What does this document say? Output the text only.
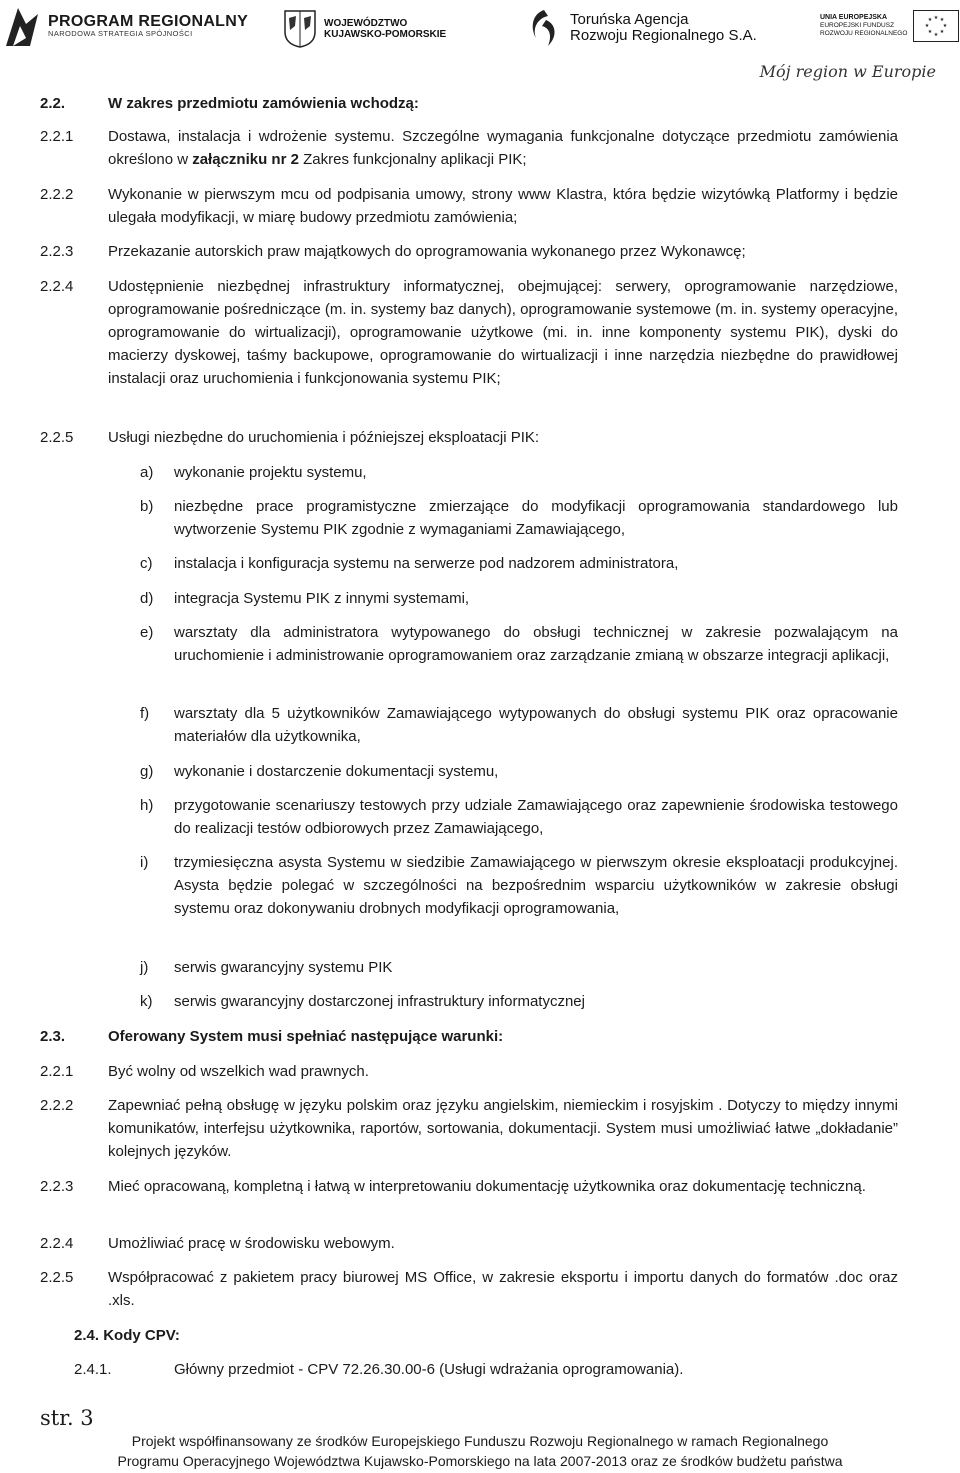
PROGRAM REGIONALNY
NARODOWA STRATEGIA SPÓJNOŚCI
WOJEWÓDZTWO
KUJAWSKO-POMORSKIE
Toruńska Agencja
Rozwoju Regionalnego S.A.
UNIA EUROPEJSKA
EUROPEJSKI FUNDUSZ
ROZWOJU REGIONALNEGO
★ ★
★
★
★
★
★
★
Mój region w Europie
2.2.	W zakres przedmiotu zamówienia wchodzą:
2.2.1 Dostawa, instalacja i wdrożenie systemu. Szczególne wymagania funkcjonalne dotyczące przedmiotu zamówienia określono w załączniku nr 2 Zakres funkcjonalny aplikacji PIK;
2.2.2 Wykonanie w pierwszym mcu od podpisania umowy, strony www Klastra, która będzie wizytówką Platformy i będzie ulegała modyfikacji, w miarę budowy przedmiotu zamówienia;
2.2.3 Przekazanie autorskich praw majątkowych do oprogramowania wykonanego przez Wykonawcę;
2.2.4 Udostępnienie niezbędnej infrastruktury informatycznej, obejmującej: serwery, oprogramowanie narzędziowe, oprogramowanie pośredniczące (m. in. systemy baz danych), oprogramowanie systemowe (m. in. systemy operacyjne, oprogramowanie do wirtualizacji), oprogramowanie użytkowe (mi. in. inne komponenty systemu PIK), dyski do macierzy dyskowej, taśmy backupowe, oprogramowanie do wirtualizacji i inne narzędzia niezbędne do prawidłowej instalacji oraz uruchomienia i funkcjonowania systemu PIK;
2.2.5 Usługi niezbędne do uruchomienia i późniejszej eksploatacji PIK:
a) wykonanie projektu systemu,
b) niezbędne prace programistyczne zmierzające do modyfikacji oprogramowania standardowego lub wytworzenie Systemu PIK zgodnie z wymaganiami Zamawiającego,
c) instalacja i konfiguracja systemu na serwerze pod nadzorem administratora,
d) integracja Systemu PIK z innymi systemami,
e) warsztaty dla administratora wytypowanego do obsługi technicznej w zakresie pozwalającym na uruchomienie i administrowanie oprogramowaniem oraz zarządzanie zmianą w obszarze integracji aplikacji,
f) warsztaty dla 5 użytkowników Zamawiającego wytypowanych do obsługi systemu PIK oraz opracowanie materiałów dla użytkownika,
g) wykonanie i dostarczenie dokumentacji systemu,
h) przygotowanie scenariuszy testowych przy udziale Zamawiającego oraz zapewnienie środowiska testowego do realizacji testów odbiorowych przez Zamawiającego,
i) trzymiesięczna asysta Systemu w siedzibie Zamawiającego w pierwszym okresie eksploatacji produkcyjnej. Asysta będzie polegać w szczególności na bezpośrednim wsparciu użytkowników w zakresie obsługi systemu oraz dokonywaniu drobnych modyfikacji oprogramowania,
j) serwis gwarancyjny systemu PIK
k) serwis gwarancyjny dostarczonej infrastruktury informatycznej
2.3.	Oferowany System musi spełniać następujące warunki:
2.2.1 Być wolny od wszelkich wad prawnych.
2.2.2 Zapewniać pełną obsługę w języku polskim oraz języku angielskim, niemieckim i rosyjskim . Dotyczy to między innymi komunikatów, interfejsu użytkownika, raportów, sortowania, dokumentacji. System musi umożliwiać łatwe „dokładanie” kolejnych języków.
2.2.3 Mieć opracowaną, kompletną i łatwą w interpretowaniu dokumentację użytkownika oraz dokumentację techniczną.
2.2.4 Umożliwiać pracę w środowisku webowym.
2.2.5 Współpracować z pakietem pracy biurowej MS Office, w zakresie eksportu i importu danych do formatów .doc oraz .xls.
2.4. Kody CPV:
2.4.1.	Główny przedmiot - CPV 72.26.30.00-6 (Usługi wdrażania oprogramowania).
str. 3
Projekt współfinansowany ze środków Europejskiego Funduszu Rozwoju Regionalnego w ramach Regionalnego
Programu Operacyjnego Województwa Kujawsko-Pomorskiego na lata 2007-2013 oraz ze środków budżetu państwa
